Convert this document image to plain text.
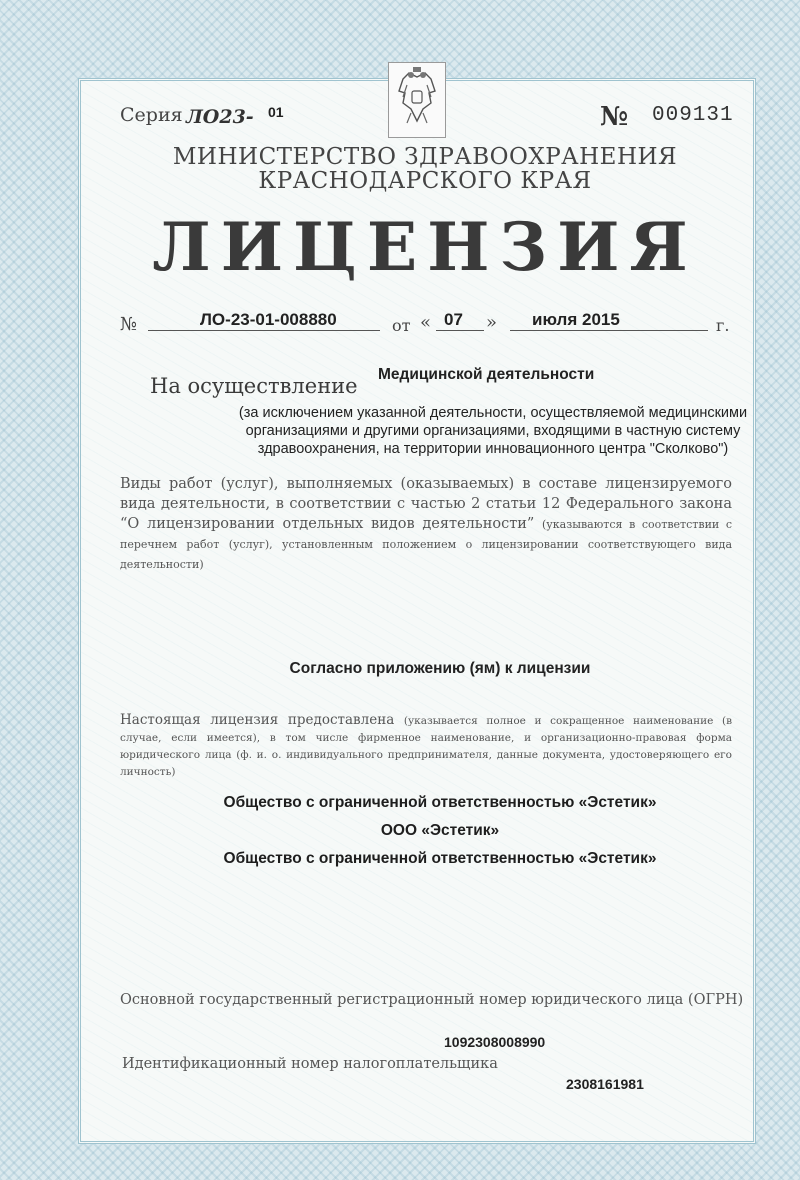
Серия ЛО23- 01	№ 009131
МИНИСТЕРСТВО ЗДРАВООХРАНЕНИЯ
КРАСНОДАРСКОГО КРАЯ
ЛИЦЕНЗИЯ
№	ЛО-23-01-008880	от « 07 » июля 2015	г.
На осуществление Медицинской деятельности
(за исключением указанной деятельности, осуществляемой медицинскими организациями и другими организациями, входящими в частную систему здравоохранения, на территории инновационного центра "Сколково")
Виды работ (услуг), выполняемых (оказываемых) в составе лицензируемого вида деятельности, в соответствии с частью 2 статьи 12 Федерального закона “О лицензировании отдельных видов деятельности” (указываются в соответствии с перечнем работ (услуг), установленным положением о лицензировании соответствующего вида деятельности)
Согласно приложению (ям) к лицензии
Настоящая лицензия предоставлена (указывается полное и сокращенное наименование (в случае, если имеется), в том числе фирменное наименование, и организационно-правовая форма юридического лица (ф. и. о. индивидуального предпринимателя, данные документа, удостоверяющего его личность)
Общество с ограниченной ответственностью «Эстетик»
ООО «Эстетик»
Общество с ограниченной ответственностью «Эстетик»
Основной государственный регистрационный номер юридического лица (ОГРН)
1092308008990
Идентификационный номер налогоплательщика
2308161981
